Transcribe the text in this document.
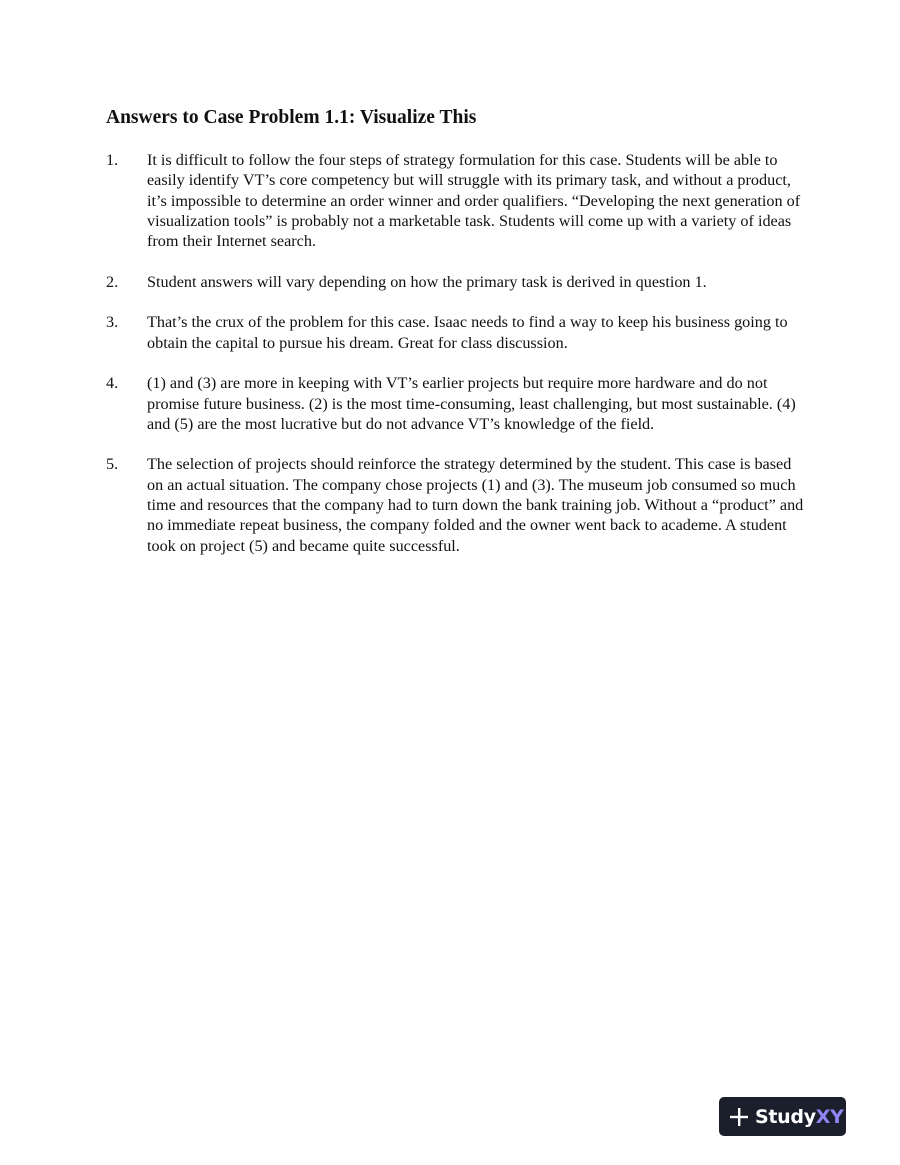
Answers to Case Problem 1.1: Visualize This
1.	It is difficult to follow the four steps of strategy formulation for this case. Students will be able to easily identify VT’s core competency but will struggle with its primary task, and without a product, it’s impossible to determine an order winner and order qualifiers. “Developing the next generation of visualization tools” is probably not a marketable task. Students will come up with a variety of ideas from their Internet search.
2.	Student answers will vary depending on how the primary task is derived in question 1.
3.	That’s the crux of the problem for this case. Isaac needs to find a way to keep his business going to obtain the capital to pursue his dream. Great for class discussion.
4.	(1) and (3) are more in keeping with VT’s earlier projects but require more hardware and do not promise future business. (2) is the most time-consuming, least challenging, but most sustainable. (4) and (5) are the most lucrative but do not advance VT’s knowledge of the field.
5.	The selection of projects should reinforce the strategy determined by the student. This case is based on an actual situation. The company chose projects (1) and (3). The museum job consumed so much time and resources that the company had to turn down the bank training job. Without a “product” and no immediate repeat business, the company folded and the owner went back to academe. A student took on project (5) and became quite successful.
StudyXY
